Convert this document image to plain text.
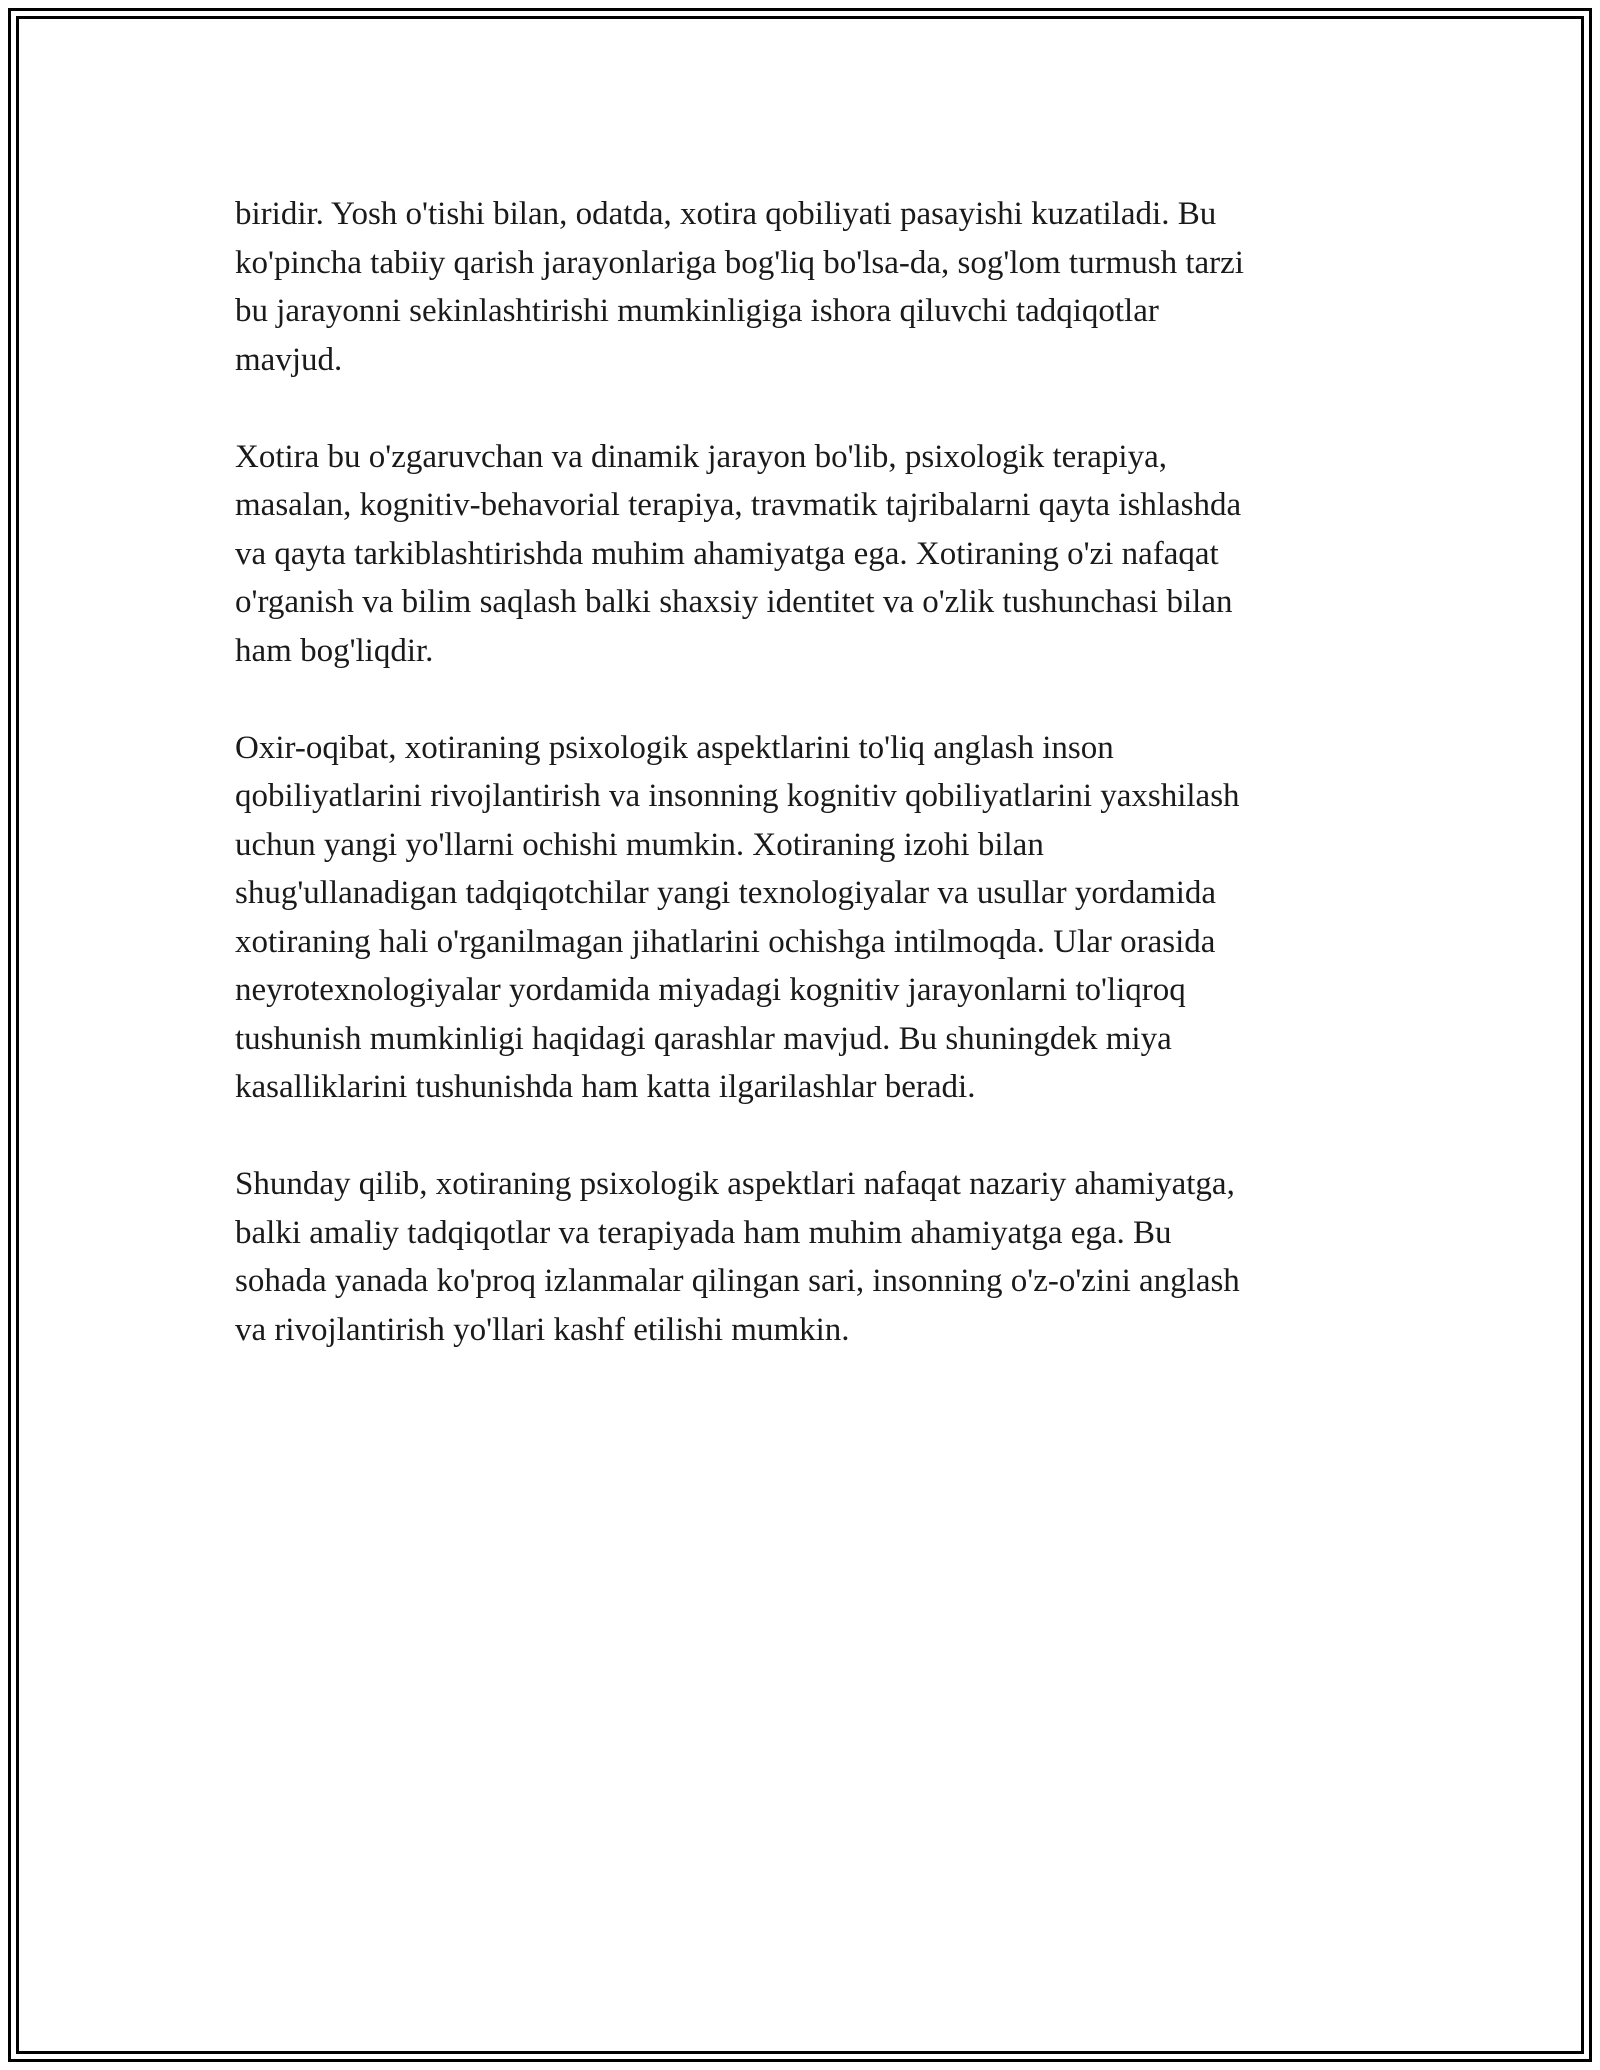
biridir. Yosh o'tishi bilan, odatda, xotira qobiliyati pasayishi kuzatiladi. Bu
ko'pincha tabiiy qarish jarayonlariga bog'liq bo'lsa-da, sog'lom turmush tarzi
bu jarayonni sekinlashtirishi mumkinligiga ishora qiluvchi tadqiqotlar
mavjud.

Xotira bu o'zgaruvchan va dinamik jarayon bo'lib, psixologik terapiya,
masalan, kognitiv-behavorial terapiya, travmatik tajribalarni qayta ishlashda
va qayta tarkiblashtirishda muhim ahamiyatga ega. Xotiraning o'zi nafaqat
o'rganish va bilim saqlash balki shaxsiy identitet va o'zlik tushunchasi bilan
ham bog'liqdir.

Oxir-oqibat, xotiraning psixologik aspektlarini to'liq anglash inson
qobiliyatlarini rivojlantirish va insonning kognitiv qobiliyatlarini yaxshilash
uchun yangi yo'llarni ochishi mumkin. Xotiraning izohi bilan
shug'ullanadigan tadqiqotchilar yangi texnologiyalar va usullar yordamida
xotiraning hali o'rganilmagan jihatlarini ochishga intilmoqda. Ular orasida
neyrotexnologiyalar yordamida miyadagi kognitiv jarayonlarni to'liqroq
tushunish mumkinligi haqidagi qarashlar mavjud. Bu shuningdek miya
kasalliklarini tushunishda ham katta ilgarilashlar beradi.

Shunday qilib, xotiraning psixologik aspektlari nafaqat nazariy ahamiyatga,
balki amaliy tadqiqotlar va terapiyada ham muhim ahamiyatga ega. Bu
sohada yanada ko'proq izlanmalar qilingan sari, insonning o'z-o'zini anglash
va rivojlantirish yo'llari kashf etilishi mumkin.
